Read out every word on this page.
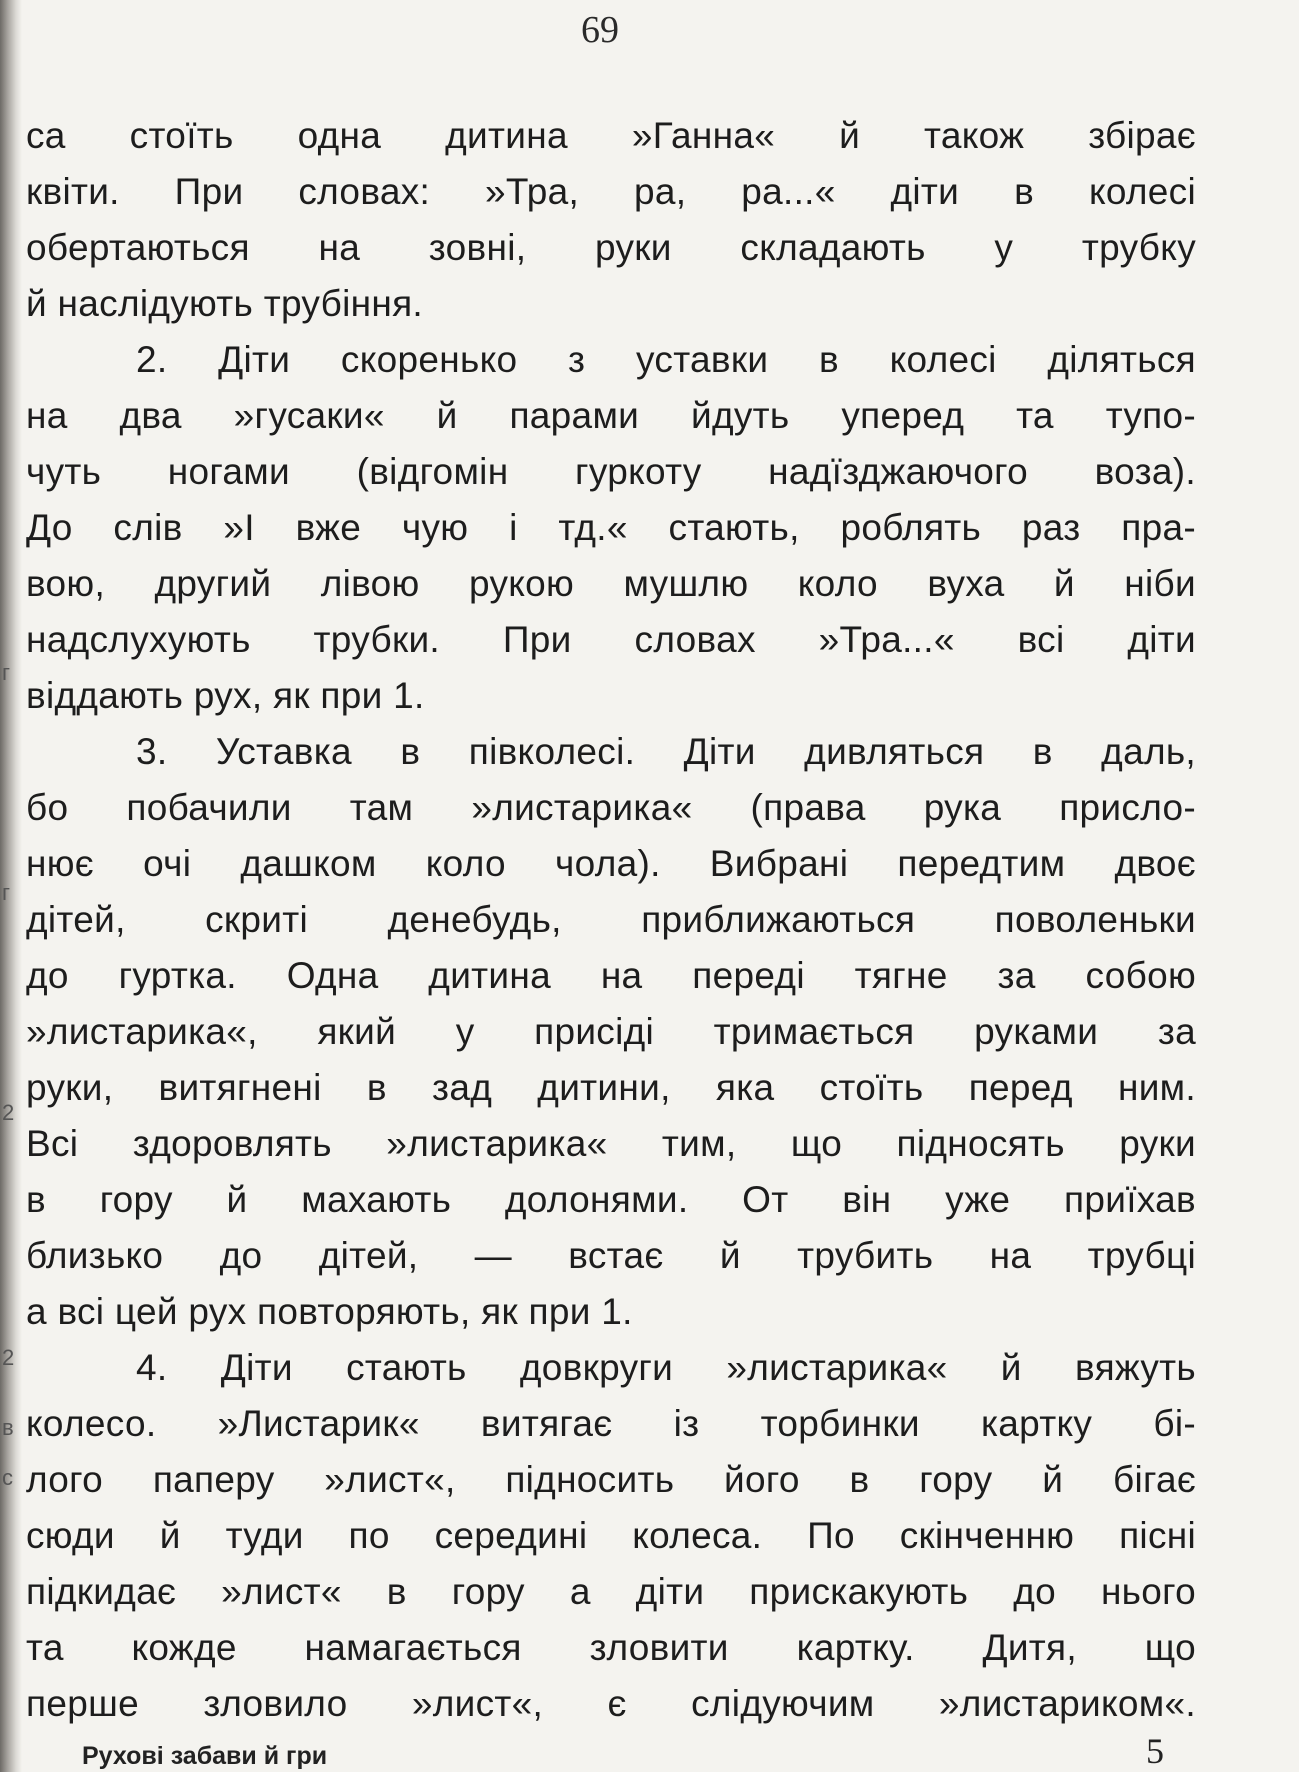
г
г
2
2
в
с
69
са стоїть одна дитина »Ганна« й також збірає
квіти. При словах: »Тра, ра, ра...« діти в колесі
обертаються на зовні, руки складають у трубку
й наслідують трубіння.
2. Діти скоренько з уставки в колесі діляться
на два »гусаки« й парами йдуть уперед та тупо-
чуть ногами (відгомін гуркоту надїзджаючого воза).
До слів »І вже чую і тд.« стають, роблять раз пра-
вою, другий лівою рукою мушлю коло вуха й ніби
надслухують трубки. При словах »Тра...« всі діти
віддають рух, як при 1.
3. Уставка в півколесі. Діти дивляться в даль,
бо побачили там »листарика« (права рука присло-
нює очі дашком коло чола). Вибрані передтим двоє
дітей, скриті денебудь, приближаються поволеньки
до гуртка. Одна дитина на переді тягне за собою
»листарика«, який у присіді тримається руками за
руки, витягнені в зад дитини, яка стоїть перед ним.
Всі здоровлять »листарика« тим, що підносять руки
в гору й махають долонями. От він уже приїхав
близько до дітей, — встає й трубить на трубці
а всі цей рух повторяють, як при 1.
4. Діти стають довкруги »листарика« й вяжуть
колесо. »Листарик« витягає із торбинки картку бі-
лого паперу »лист«, підносить його в гору й бігає
сюди й туди по середині колеса. По скінченню пісні
підкидає »лист« в гору а діти прискакують до нього
та кожде намагається зловити картку. Дитя, що
перше зловило »лист«, є слідуючим »листариком«.
Рухові забави й гри	5
